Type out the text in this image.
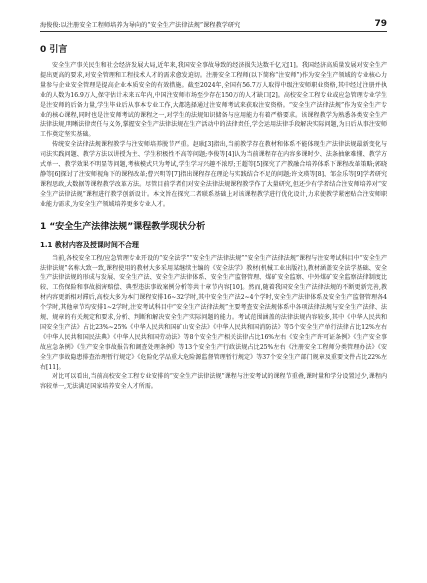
海俊俊:以注册安全工程师培养为导向的“安全生产法律法规”课程教学研究	79
0 引言

安全生产事关民生和社会经济发展大局,近年来,我国安全事故导致的经济损失达数千亿元[1]。我国经济高质量发展对安全生产提出更高的要求,对安全管理和工程技术人才的需求愈发迫切。注册安全工程师(以下简称“注安师”)作为安全生产领域的专业核心力量参与企业安全管理是提高企业本质安全的有效措施。截至2024年,全国有56.7万人取得中级注安师职业资格,其中经过注册并执业的人数为16.9万人,保守估计未来五年内,中国注安师市场至少存在150万的人才缺口[2]。高校安全工程专业或应急管理专业学生是注安师的后备力量,学生毕业后从事本专业工作,大都选择通过注安师考试来获取注安资格。“安全生产法律法规”作为安全生产专业的核心课程,同时也是注安师考试的课程之一,对学生的法规知识储备与应用能力有着严格要求。该课程教学为熟悉各类安全生产法律法规,明晰法律责任与义务,掌握安全生产法律法规在生产活动中的法律责任,学会运用法律手段解决实际问题,为日后从事注安师工作奠定坚实基础。

传统安全法律法规课程教学与注安师培养脱节严重。赵耿[3]指出,当前教学存在教材和体系不能体现生产法律法规最新变化与司法实践问题、教学方法以讲授为主、学生积极性不高等问题;李俊等[4]认为当前课程存在内容多课时少、法条抽象难懂、教学方式单一、教学效果不明显等问题,考核模式只为考试,学生学习兴趣不浓厚;王超等[5]探究了产教融合培养体系下课程改革策略;郭晓静等[6]探讨了注安师视角下的课程改革;曹兴明等[7]指出课程存在理论与实践结合不足的问题;许文瑛等[8]、邹金乐等[9]学者研究课程思政,大数据等课程教学改革方法。尽管目前学者们对安全法律法规课程教学作了大量研究,但还少有学者结合注安师培养对“安全生产法律法规”课程进行教学创新设计。本文旨在探究二者联系基础上对该课程教学进行优化设计,力求使教学紧密贴合注安师职业能力需求,为安全生产领域培养更多专业人才。

1 “安全生产法律法规”课程教学现状分析
1.1 教材内容及授课时间不合理

当前,各校安全工程/应急管理专业开设的“安全法学”“安全生产法律法规”“安全生产法律法规”课程与注安考试科目中“安全生产法律法规”名称大致一致,课程使用的教材大多采用某继续主编的《安全法学》教材(机械工业出版社),教材涵盖安全法学基础、安全生产法律法规的形成与发展、安全生产法、安全生产法律体系、安全生产监督管理、煤矿安全监察、中外煤矿安全监察法律制度比较、工伤保险和事故损害赔偿、典型违法事故案例分析等共十章节内容[10]。然而,随着我国安全生产法律法规的不断更新完善,教材内容更新相对滞后,高校大多为本门课程安排16~32学时,其中安全生产法2~4个学时,安全生产法律体系及安全生产监督管理各4个学时,其他章节均安排1~2学时,注安考试科目中“安全生产法律法规”主要考查安全法规体系中各项法律法规与安全生产法律、法规、规章的有关规定和要求,分析、判断和解决安全生产实际问题的能力。考试范围涵盖的法律法规内容较多,其中《中华人民共和国安全生产法》占比23%~25%《中华人民共和国矿山安全法》《中华人民共和国消防法》等5个安全生产单行法律占比12%左右《中华人民共和国民法典》《中华人民共和国劳动法》等8个安全生产相关法律占比16%左右《安全生产许可证条例》《生产安全事故应急条例》《生产安全事故报告和调查处理条例》等13个安全生产行政法规占比25%左右《注册安全工程师分类管理办法》《安全生产事故隐患排查治理暂行规定》《危险化学品重大危险源监督管理暂行规定》等37个安全生产部门规章及重要文件占比22%左右[11]。

对比可以看出,当前高校安全工程专业安排的“安全生产法律法规”课程与注安考试的课程节重叠,课时量和学分设置过少,课程内容较单一,无法满足国家培养安全人才所需。
